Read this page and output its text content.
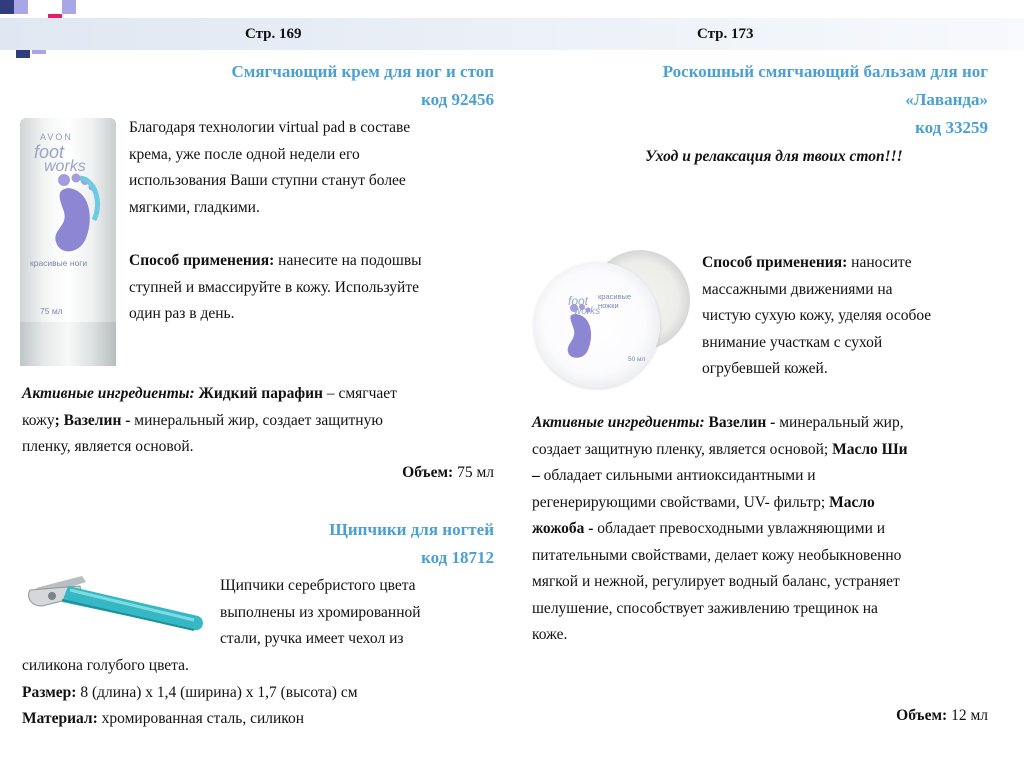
Стр. 169	Стр. 173
Смягчающий крем для ног и стоп
код 92456
AVON
foot
works
красивые ноги
75 мл
Благодаря технологии virtual pad в составе
крема, уже после одной недели его
использования Ваши ступни станут более
мягкими, гладкими.
Способ применения: нанесите на подошвы
ступней и вмассируйте в кожу. Используйте
один раз в день.
Активные ингредиенты: Жидкий парафин – смягчает
кожу; Вазелин - минеральный жир, создает защитную
пленку, является основой.
Объем: 75 мл
Щипчики для ногтей
код 18712
Щипчики серебристого цвета
выполнены из хромированной
стали, ручка имеет чехол из
силикона голубого цвета.
Размер: 8 (длина) х 1,4 (ширина) х 1,7 (высота) см
Материал: хромированная сталь, силикон
Роскошный смягчающий бальзам для ног
«Лаванда»
код 33259
Уход и релаксация для твоих стоп!!!
foot
works
красивые ножки
50 мл
Способ применения: наносите
массажными движениями на
чистую сухую кожу, уделяя особое
внимание участкам с сухой
огрубевшей кожей.
Активные ингредиенты: Вазелин - минеральный жир,
создает защитную пленку, является основой; Масло Ши
– обладает сильными антиоксидантными и
регенерирующими свойствами, UV- фильтр; Масло
жожоба - обладает превосходными увлажняющими и
питательными свойствами, делает кожу необыкновенно
мягкой и нежной, регулирует водный баланс, устраняет
шелушение, способствует заживлению трещинок на
коже.
Объем: 12 мл
